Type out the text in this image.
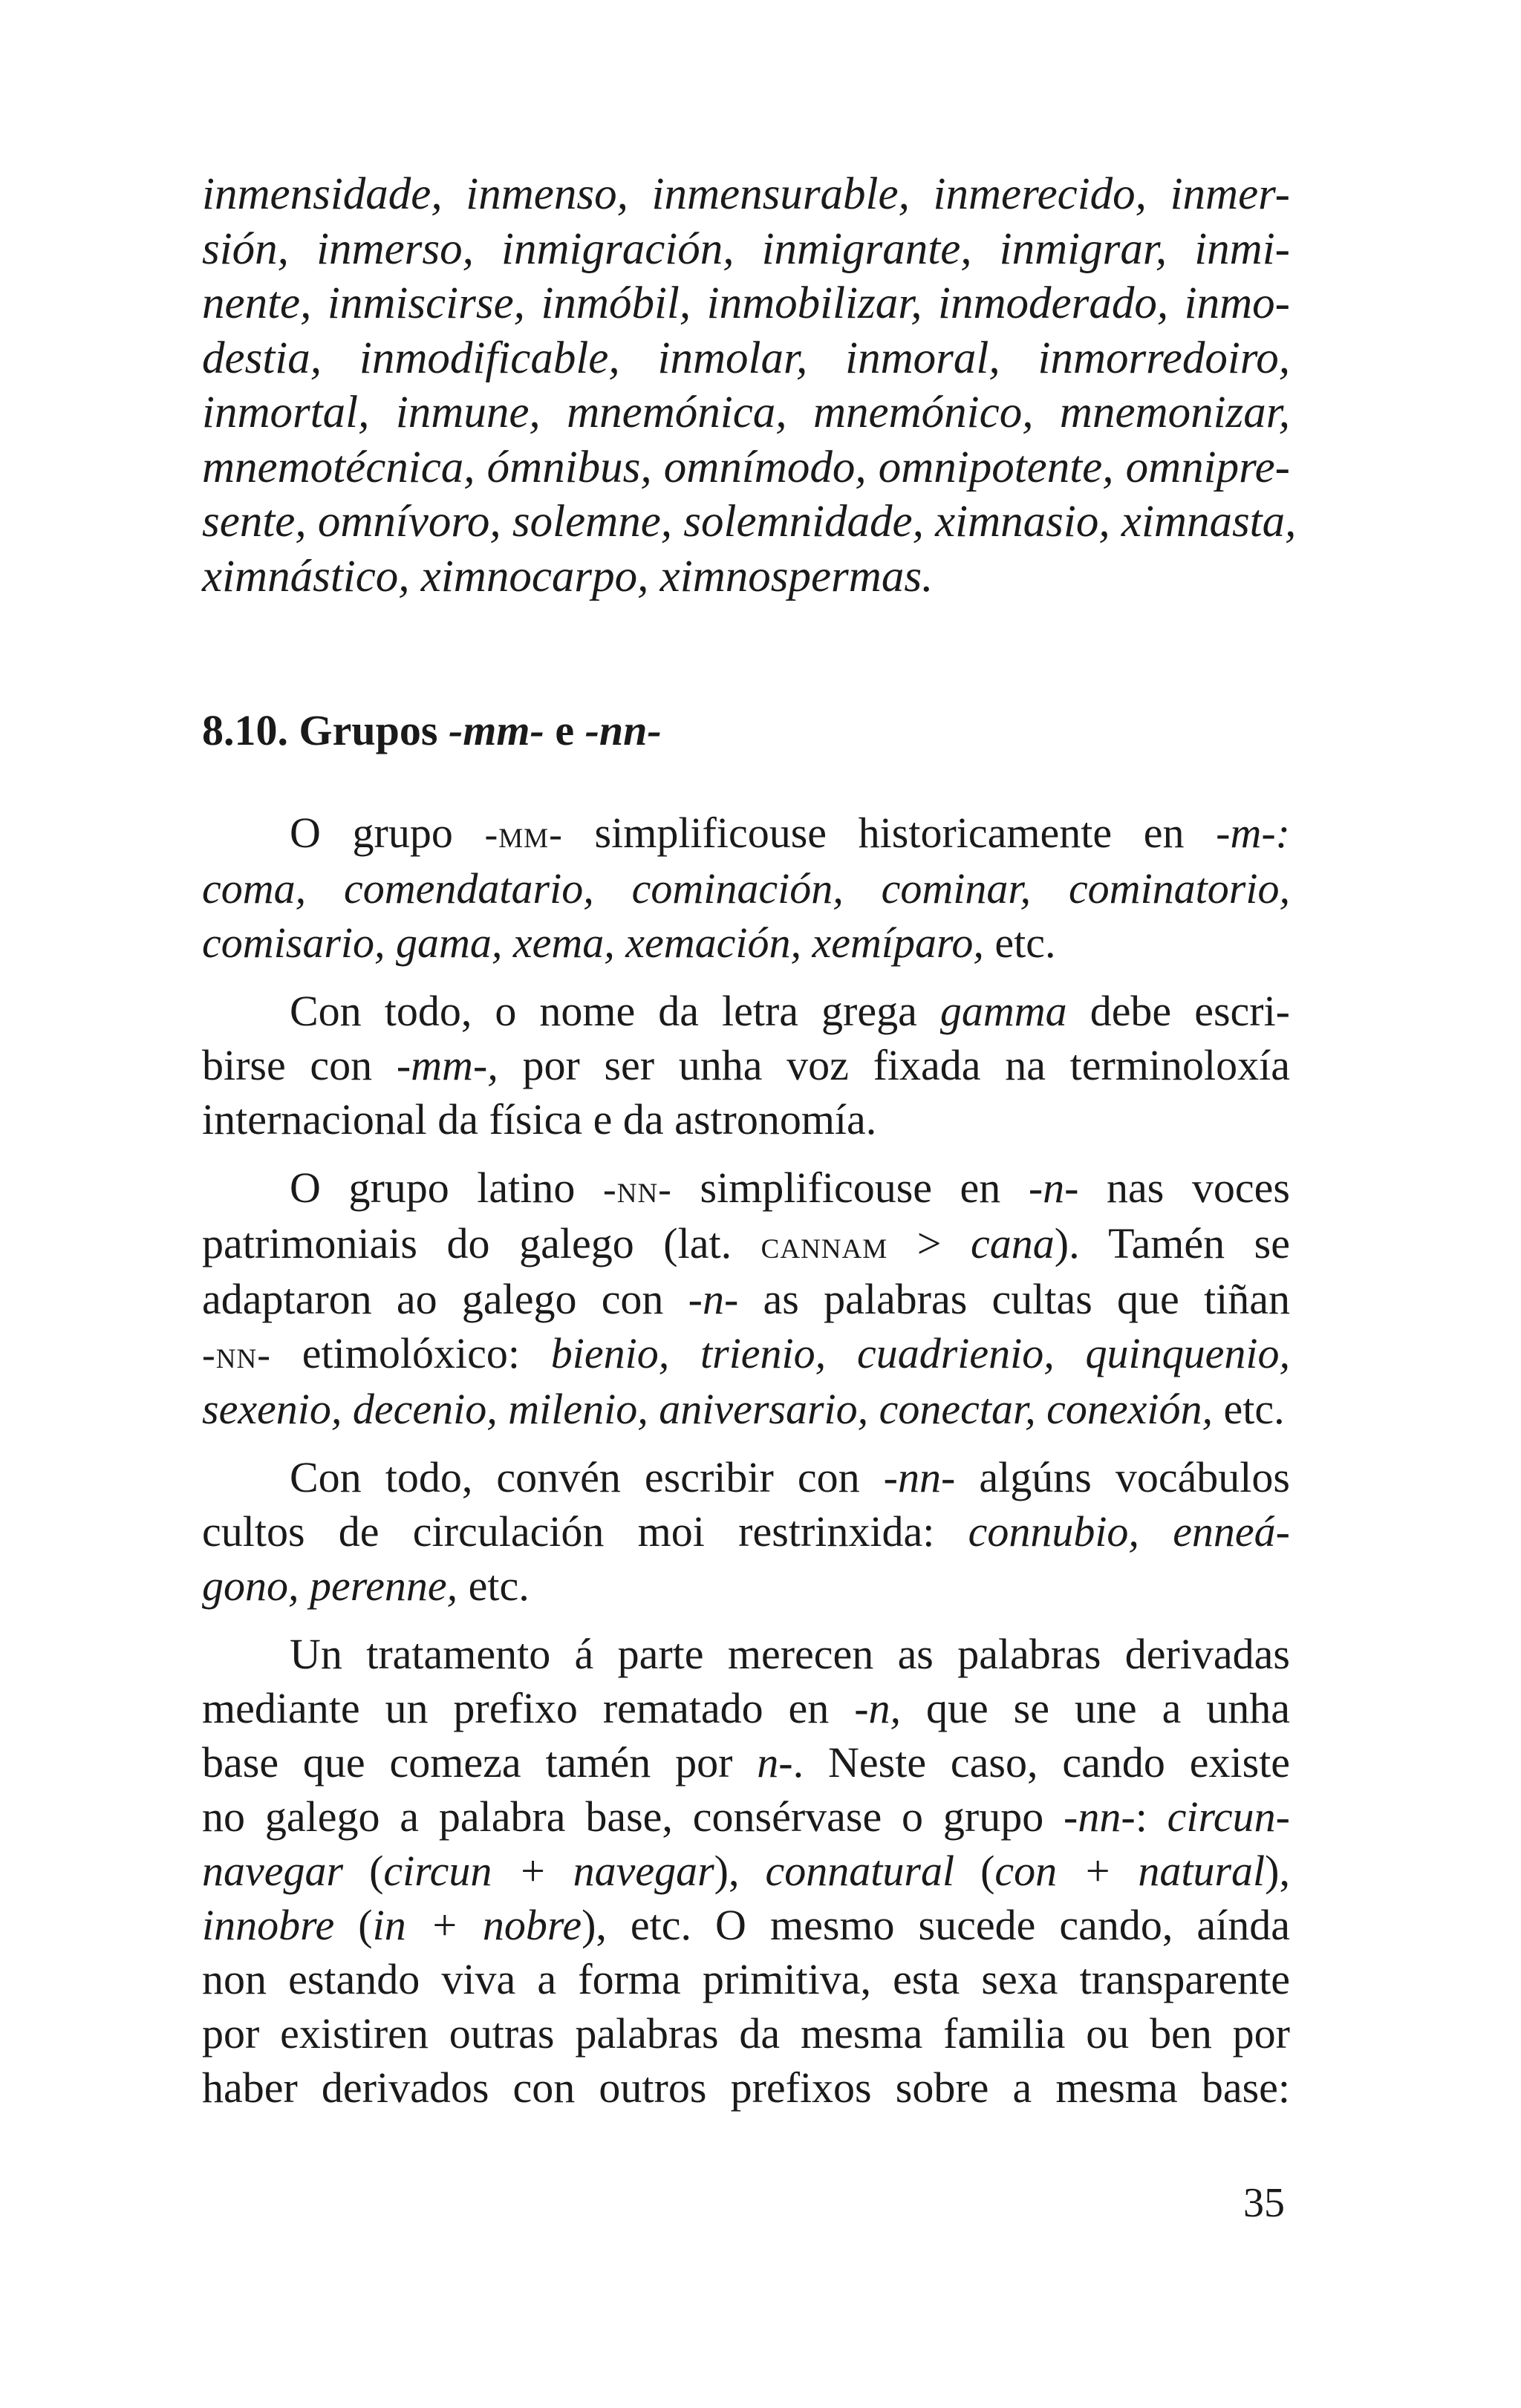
inmensidade, inmenso, inmensurable, inmerecido, inmer-
sión, inmerso, inmigración, inmigrante, inmigrar, inmi-
nente, inmiscirse, inmóbil, inmobilizar, inmoderado, inmo-
destia, inmodificable, inmolar, inmoral, inmorredoiro,
inmortal, inmune, mnemónica, mnemónico, mnemonizar,
mnemotécnica, ómnibus, omnímodo, omnipotente, omnipre-
sente, omnívoro, solemne, solemnidade, ximnasio, ximnasta,
ximnástico, ximnocarpo, ximnospermas.

8.10. Grupos -mm- e -nn-

O grupo -mm- simplificouse historicamente en -m-:
coma, comendatario, cominación, cominar, cominatorio,
comisario, gama, xema, xemación, xemíparo, etc.

Con todo, o nome da letra grega gamma debe escri-
birse con -mm-, por ser unha voz fixada na terminoloxía
internacional da física e da astronomía.

O grupo latino -nn- simplificouse en -n- nas voces
patrimoniais do galego (lat. cannam > cana). Tamén se
adaptaron ao galego con -n- as palabras cultas que tiñan
-nn- etimolóxico: bienio, trienio, cuadrienio, quinquenio,
sexenio, decenio, milenio, aniversario, conectar, conexión, etc.

Con todo, convén escribir con -nn- algúns vocábulos
cultos de circulación moi restrinxida: connubio, enneá-
gono, perenne, etc.

Un tratamento á parte merecen as palabras derivadas
mediante un prefixo rematado en -n, que se une a unha
base que comeza tamén por n-. Neste caso, cando existe
no galego a palabra base, consérvase o grupo -nn-: circun-
navegar (circun + navegar), connatural (con + natural),
innobre (in + nobre), etc. O mesmo sucede cando, aínda
non estando viva a forma primitiva, esta sexa transparente
por existiren outras palabras da mesma familia ou ben por
haber derivados con outros prefixos sobre a mesma base:

35
